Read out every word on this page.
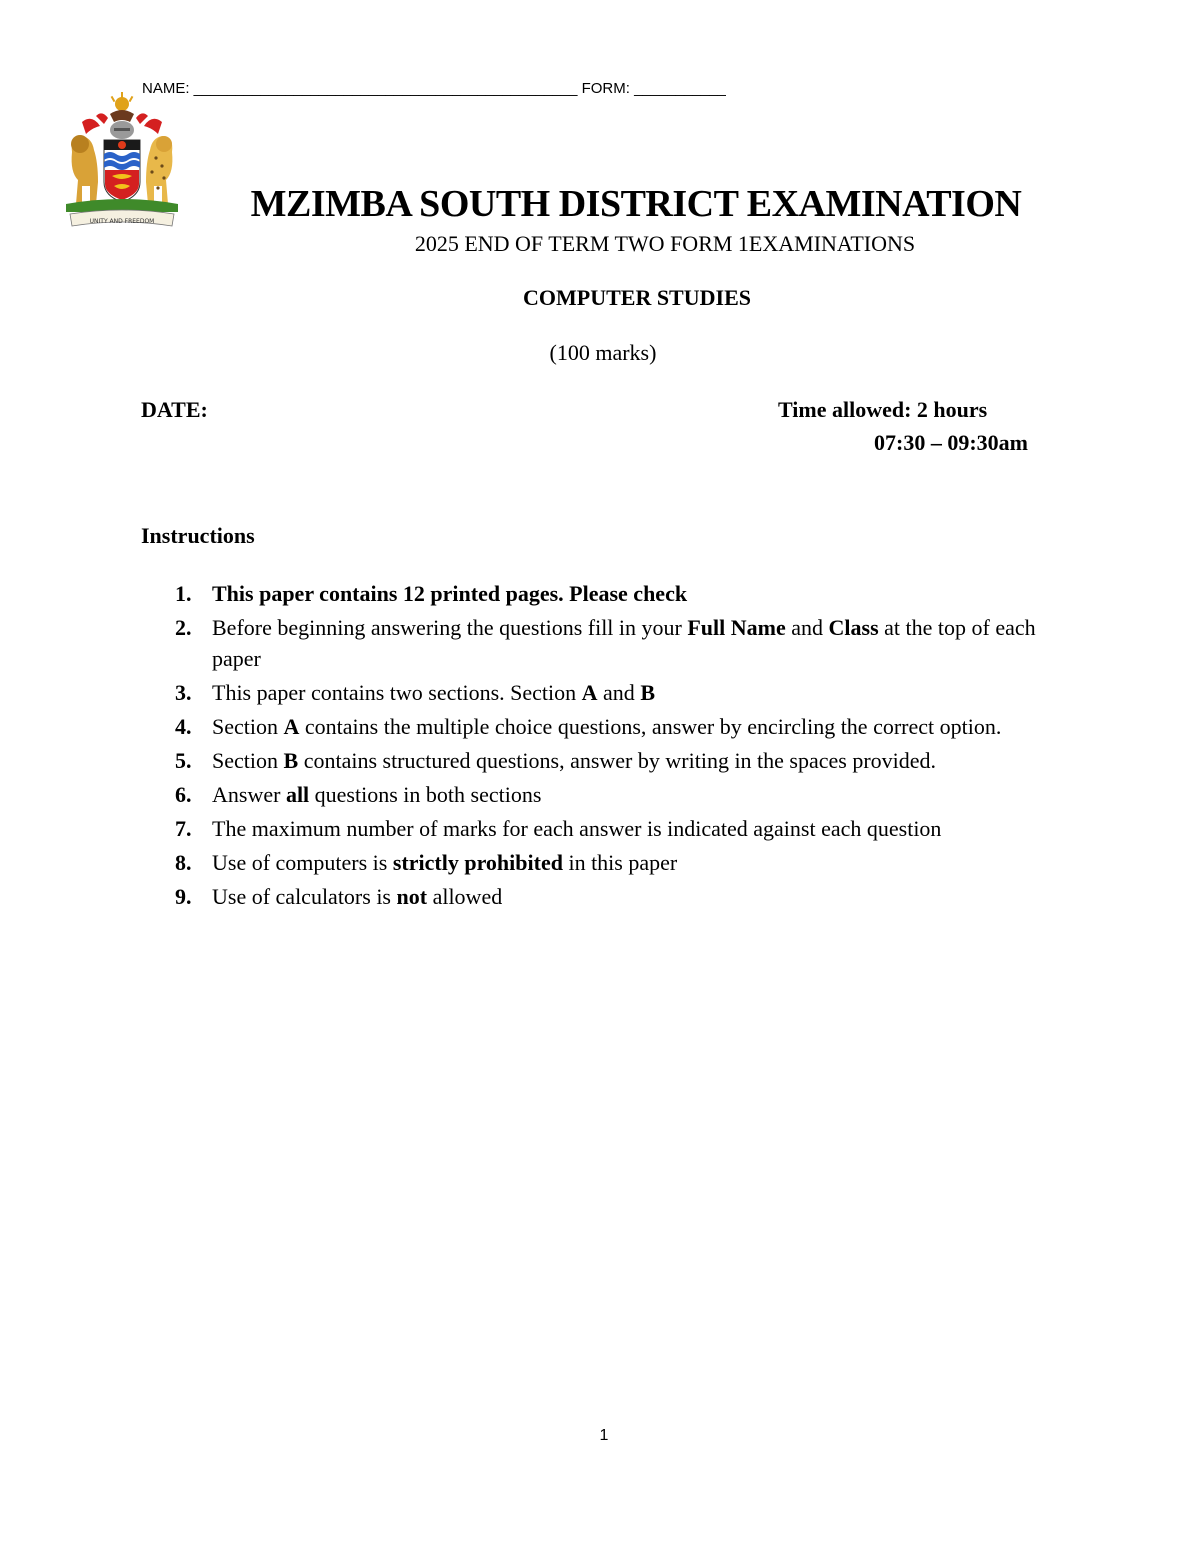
NAME: ______________________________________________ FORM: ___________
UNITY AND FREEDOM	MZIMBA SOUTH DISTRICT EXAMINATION
2025 END OF TERM TWO FORM 1EXAMINATIONS
COMPUTER STUDIES
(100 marks)
DATE:	Time allowed: 2 hours
07:30 – 09:30am
Instructions
1. This paper contains 12 printed pages. Please check
2. Before beginning answering the questions fill in your Full Name and Class at the top of each paper
3. This paper contains two sections. Section A and B
4. Section A contains the multiple choice questions, answer by encircling the correct option.
5. Section B contains structured questions, answer by writing in the spaces provided.
6. Answer all questions in both sections
7. The maximum number of marks for each answer is indicated against each question
8. Use of computers is strictly prohibited in this paper
9. Use of calculators is not allowed
1
